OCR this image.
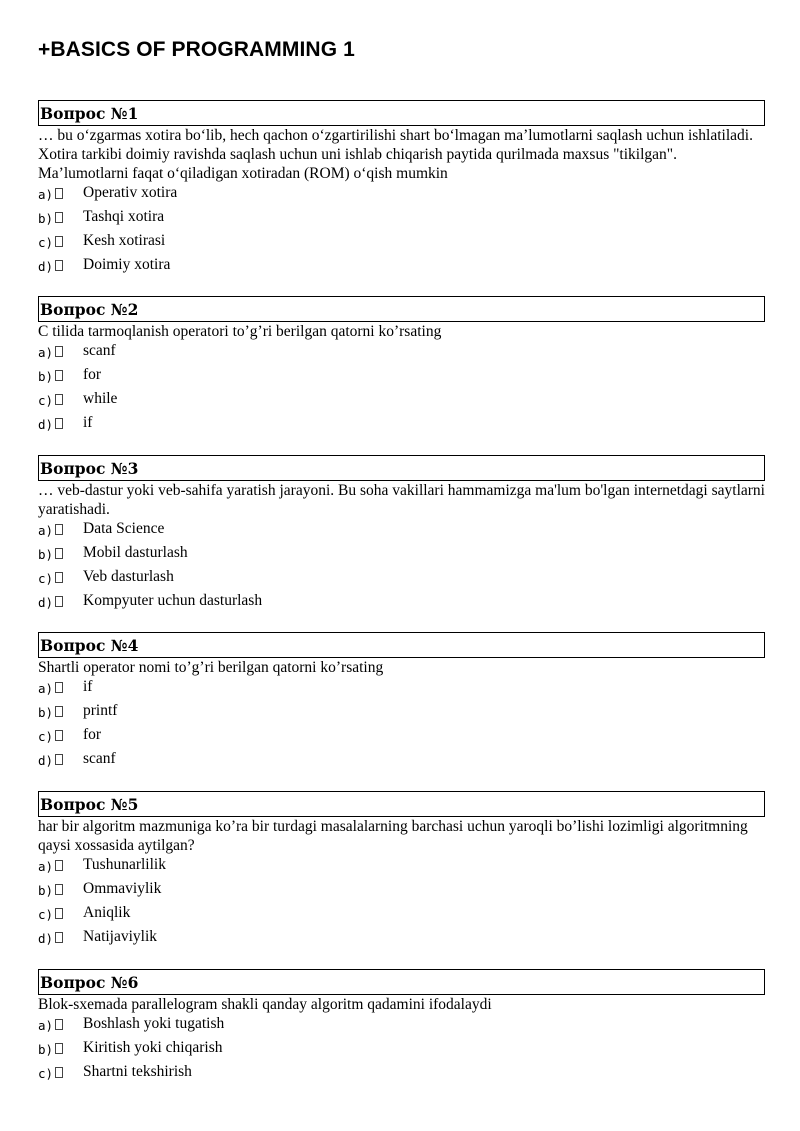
+BASICS OF PROGRAMMING 1
Вопрос №1
… bu o‘zgarmas xotira bo‘lib, hech qachon o‘zgartirilishi shart bo‘lmagan ma’lumotlarni saqlash uchun ishlatiladi. Xotira tarkibi doimiy ravishda saqlash uchun uni ishlab chiqarish paytida qurilmada maxsus "tikilgan". Ma’lumotlarni faqat o‘qiladigan xotiradan (ROM) o‘qish mumkin
a) Operativ xotira
b) Tashqi xotira
c) Kesh xotirasi
d) Doimiy xotira
Вопрос №2
C tilida tarmoqlanish operatori to’g’ri berilgan qatorni ko’rsating
a) scanf
b) for
c) while
d) if
Вопрос №3
… veb-dastur yoki veb-sahifa yaratish jarayoni. Bu soha vakillari hammamizga ma'lum bo'lgan internetdagi saytlarni yaratishadi.
a) Data Science
b) Mobil dasturlash
c) Veb dasturlash
d) Kompyuter uchun dasturlash
Вопрос №4
Shartli operator nomi to’g’ri berilgan qatorni ko’rsating
a) if
b) printf
c) for
d) scanf
Вопрос №5
har bir algoritm mazmuniga ko’ra bir turdagi masalalarning barchasi uchun yaroqli bo’lishi lozimligi algoritmning qaysi xossasida aytilgan?
a) Tushunarlilik
b) Ommaviylik
c) Aniqlik
d) Natijaviylik
Вопрос №6
Blok-sxemada parallelogram shakli qanday algoritm qadamini ifodalaydi
a) Boshlash yoki tugatish
b) Kiritish yoki chiqarish
c) Shartni tekshirish
